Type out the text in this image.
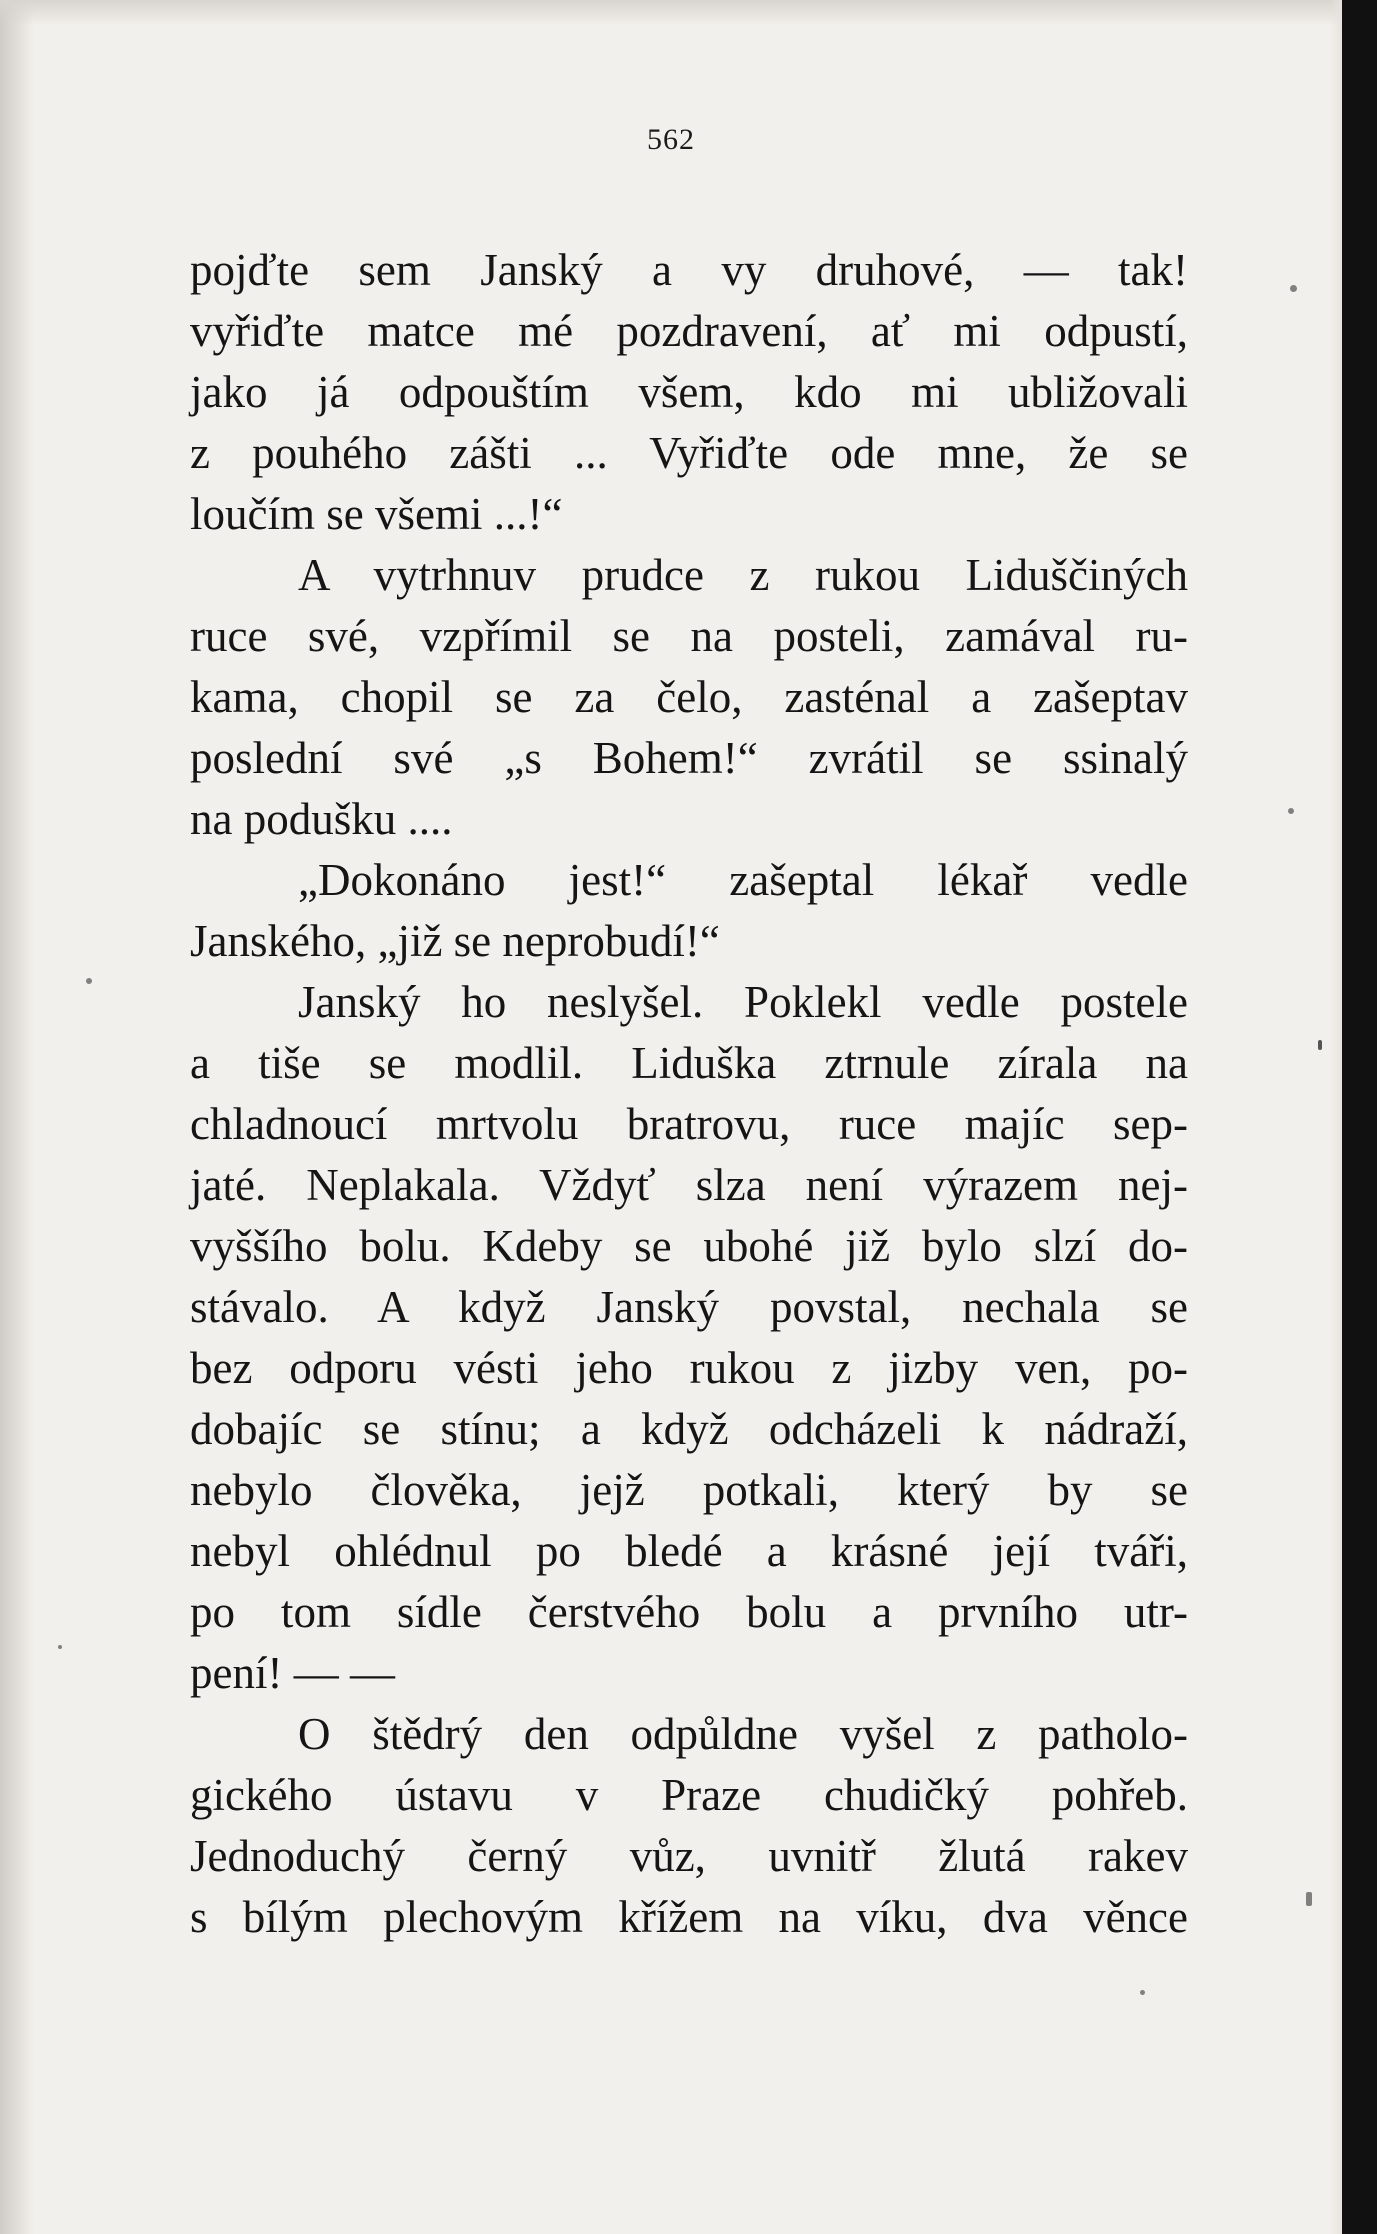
562
pojďte sem Janský a vy druhové, — tak!
vyřiďte matce mé pozdravení, ať mi odpustí,
jako já odpouštím všem, kdo mi ubližovali
z pouhého zášti ... Vyřiďte ode mne, že se
loučím se všemi ...!“
A vytrhnuv prudce z rukou Liduščiných
ruce své, vzpřímil se na posteli, zamával ru-
kama, chopil se za čelo, zasténal a zašeptav
poslední své „s Bohem!“ zvrátil se ssinalý
na podušku ....
„Dokonáno jest!“ zašeptal lékař vedle
Janského, „již se neprobudí!“
Janský ho neslyšel. Poklekl vedle postele
a tiše se modlil. Liduška ztrnule zírala na
chladnoucí mrtvolu bratrovu, ruce majíc sep-
jaté. Neplakala. Vždyť slza není výrazem nej-
vyššího bolu. Kdeby se ubohé již bylo slzí do-
stávalo. A když Janský povstal, nechala se
bez odporu vésti jeho rukou z jizby ven, po-
dobajíc se stínu; a když odcházeli k nádraží,
nebylo člověka, jejž potkali, který by se
nebyl ohlédnul po bledé a krásné její tváři,
po tom sídle čerstvého bolu a prvního utr-
pení! — —
O štědrý den odpůldne vyšel z patholo-
gického ústavu v Praze chudičký pohřeb.
Jednoduchý černý vůz, uvnitř žlutá rakev
s bílým plechovým křížem na víku, dva věnce
